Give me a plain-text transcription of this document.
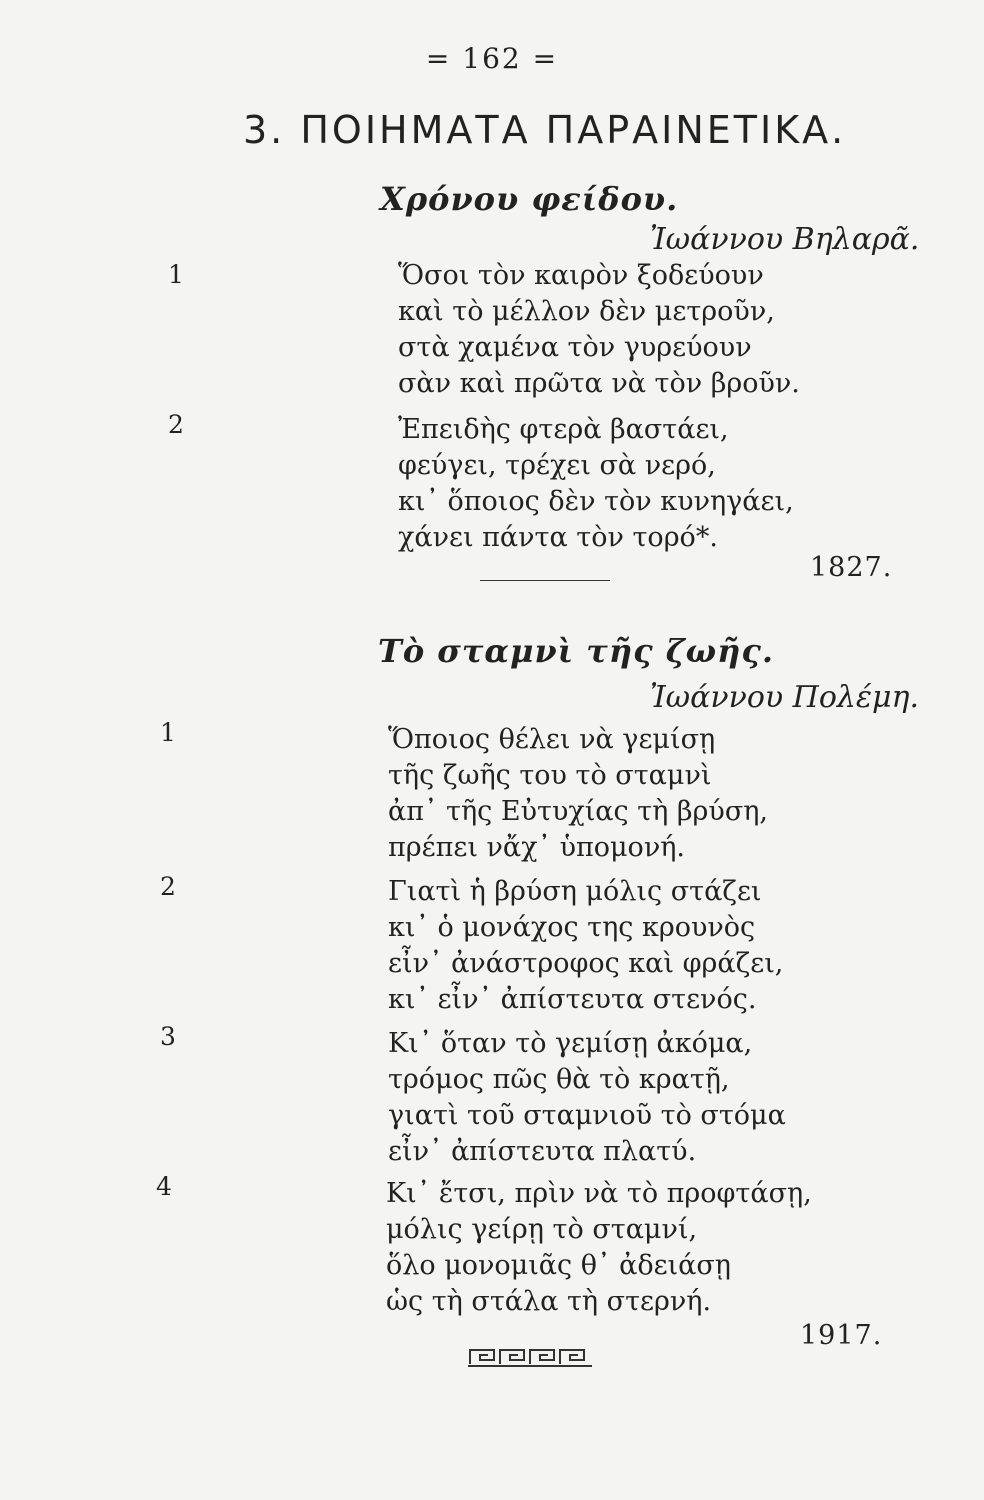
= 162 =
3. ΠΟΙΗΜΑΤΑ ΠΑΡΑΙΝΕΤΙΚΑ.
Χρόνου φείδου.
Ἰωάννου Βηλαρᾶ.
1	Ὅσοι τὸν καιρὸν ξοδεύουν
καὶ τὸ μέλλον δὲν μετροῦν,
στὰ χαμένα τὸν γυρεύουν
σὰν καὶ πρῶτα νὰ τὸν βροῦν.
2	Ἐπειδὴς φτερὰ βαστάει,
φεύγει, τρέχει σὰ νερό,
κι᾽ ὅποιος δὲν τὸν κυνηγάει,
χάνει πάντα τὸν τορό*.
1827.
Τὸ σταμνὶ τῆς ζωῆς.
Ἰωάννου Πολέμη.
1	Ὅποιος θέλει νὰ γεμίσῃ
τῆς ζωῆς του τὸ σταμνὶ
ἀπ᾽ τῆς Εὐτυχίας τὴ βρύση,
πρέπει νἄχ᾽ ὑπομονή.
2	Γιατὶ ἡ βρύση μόλις στάζει
κι᾽ ὁ μονάχος της κρουνὸς
εἶν᾽ ἀνάστροφος καὶ φράζει,
κι᾽ εἶν᾽ ἀπίστευτα στενός.
3	Κι᾽ ὅταν τὸ γεμίσῃ ἀκόμα,
τρόμος πῶς θὰ τὸ κρατῇ,
γιατὶ τοῦ σταμνιοῦ τὸ στόμα
εἶν᾽ ἀπίστευτα πλατύ.
4	Κι᾽ ἔτσι, πρὶν νὰ τὸ προφτάσῃ,
μόλις γείρῃ τὸ σταμνί,
ὅλο μονομιᾶς θ᾽ ἀδειάσῃ
ὡς τὴ στάλα τὴ στερνή.
1917.
